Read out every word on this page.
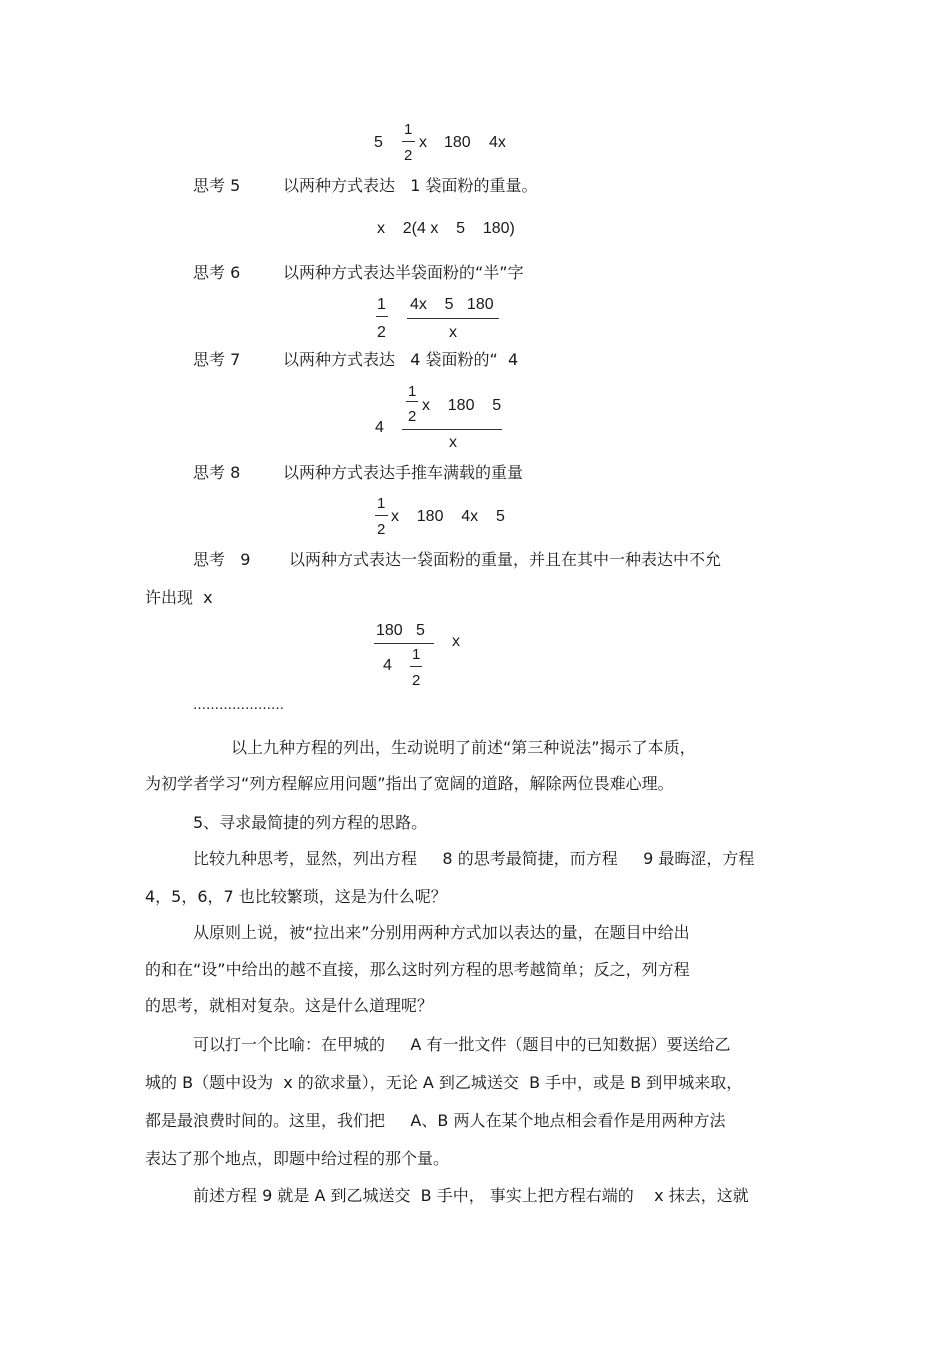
5
1
2
x 180 4x
思考 5	以两种方式表达   1 袋面粉的重量。
x    2(4 x    5    180)
思考 6	以两种方式表达半袋面粉的“半”字
1
2
4x    5   180
x
思考 7	以两种方式表达   4 袋面粉的“  4
1
2
x    180    5
4
x
思考 8	以两种方式表达手推车满载的重量
1
2
x    180    4x    5
思考   9 以两种方式表达一袋面粉的重量，并且在其中一种表达中不允
许出现  x
180   5
4
1
2
x
…………………
以上九种方程的列出，生动说明了前述“第三种说法”揭示了本质，
为初学者学习“列方程解应用问题”指出了宽阔的道路，解除两位畏难心理。
5、寻求最简捷的列方程的思路。
比较九种思考，显然，列出方程     8 的思考最简捷，而方程     9 最晦涩，方程
4，5，6，7 也比较繁琐，这是为什么呢？
从原则上说，被“拉出来”分别用两种方式加以表达的量，在题目中给出
的和在“设”中给出的越不直接，那么这时列方程的思考越简单；反之，列方程
的思考，就相对复杂。这是什么道理呢？
可以打一个比喻：在甲城的     A 有一批文件（题目中的已知数据）要送给乙
城的 B（题中设为  x 的欲求量），无论 A 到乙城送交  B 手中，或是 B 到甲城来取，
都是最浪费时间的。这里，我们把     A、B 两人在某个地点相会看作是用两种方法
表达了那个地点，即题中给过程的那个量。
前述方程 9 就是 A 到乙城送交  B 手中， 事实上把方程右端的    x 抹去，这就
